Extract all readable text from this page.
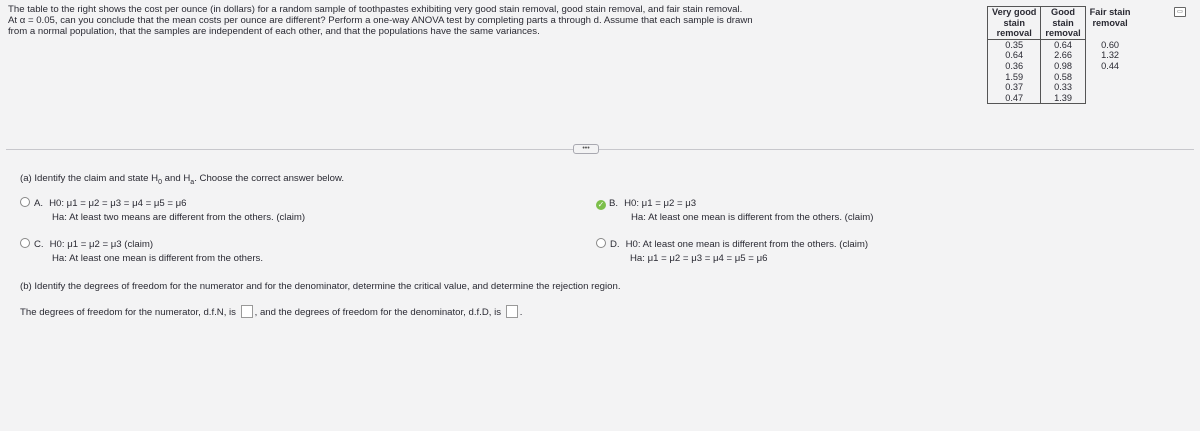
The table to the right shows the cost per ounce (in dollars) for a random sample of toothpastes exhibiting very good stain removal, good stain removal, and fair stain removal.
At α = 0.05, can you conclude that the mean costs per ounce are different? Perform a one-way ANOVA test by completing parts a through d. Assume that each sample is drawn
from a normal population, that the samples are independent of each other, and that the populations have the same variances.
Very good	Good	Fair stain
stain	stain	removal
removal	removal	
0.35	0.64	0.60
0.64	2.66	1.32
0.36	0.98	0.44
1.59	0.58	
0.37	0.33	
0.47	1.39	
▭
•••
(a) Identify the claim and state $H_0$ and $H_a$. Choose the correct answer below.
A. H0: μ1 = μ2 = μ3 = μ4 = μ5 = μ6
Ha: At least two means are different from the others. (claim)
✓ B. H0: μ1 = μ2 = μ3
Ha: At least one mean is different from the others. (claim)
C. H0: μ1 = μ2 = μ3 (claim)
Ha: At least one mean is different from the others.
D. H0: At least one mean is different from the others. (claim)
Ha: μ1 = μ2 = μ3 = μ4 = μ5 = μ6
(b) Identify the degrees of freedom for the numerator and for the denominator, determine the critical value, and determine the rejection region.
The degrees of freedom for the numerator, d.f.N, is , and the degrees of freedom for the denominator, d.f.D, is .
